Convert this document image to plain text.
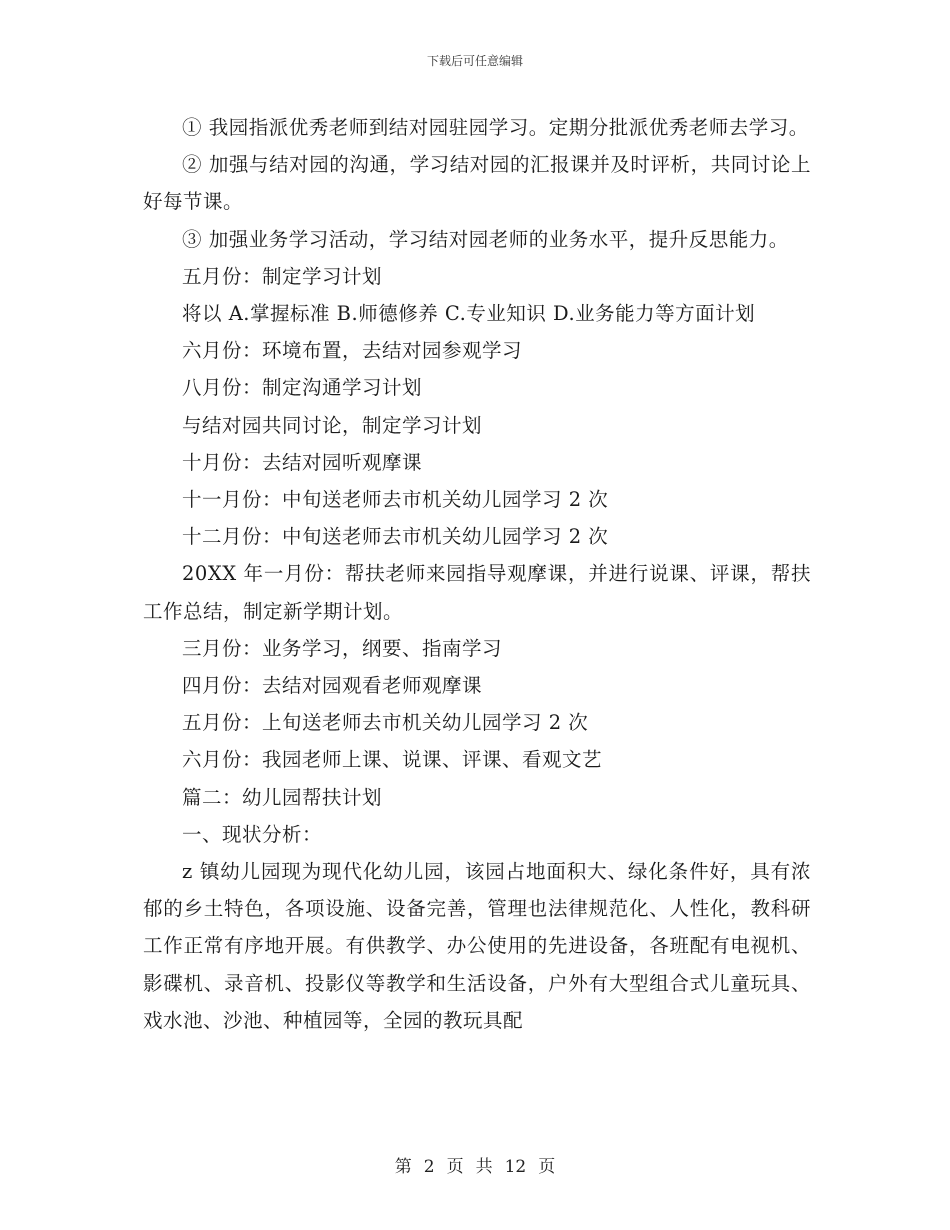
下载后可任意编辑

① 我园指派优秀老师到结对园驻园学习。定期分批派优秀老师去学习。

② 加强与结对园的沟通，学习结对园的汇报课并及时评析，共同讨论上好每节课。

③ 加强业务学习活动，学习结对园老师的业务水平，提升反思能力。

五月份：制定学习计划

将以 A.掌握标准 B.师德修养 C.专业知识 D.业务能力等方面计划

六月份：环境布置，去结对园参观学习

八月份：制定沟通学习计划

与结对园共同讨论，制定学习计划

十月份：去结对园听观摩课

十一月份：中旬送老师去市机关幼儿园学习 2 次

十二月份：中旬送老师去市机关幼儿园学习 2 次

20XX 年一月份：帮扶老师来园指导观摩课，并进行说课、评课，帮扶工作总结，制定新学期计划。

三月份：业务学习，纲要、指南学习

四月份：去结对园观看老师观摩课

五月份：上旬送老师去市机关幼儿园学习 2 次

六月份：我园老师上课、说课、评课、看观文艺

篇二：幼儿园帮扶计划

一、现状分析：

z 镇幼儿园现为现代化幼儿园，该园占地面积大、绿化条件好，具有浓郁的乡土特色，各项设施、设备完善，管理也法律规范化、人性化，教科研工作正常有序地开展。有供教学、办公使用的先进设备，各班配有电视机、影碟机、录音机、投影仪等教学和生活设备，户外有大型组合式儿童玩具、戏水池、沙池、种植园等，全园的教玩具配

第 2 页 共 12 页
